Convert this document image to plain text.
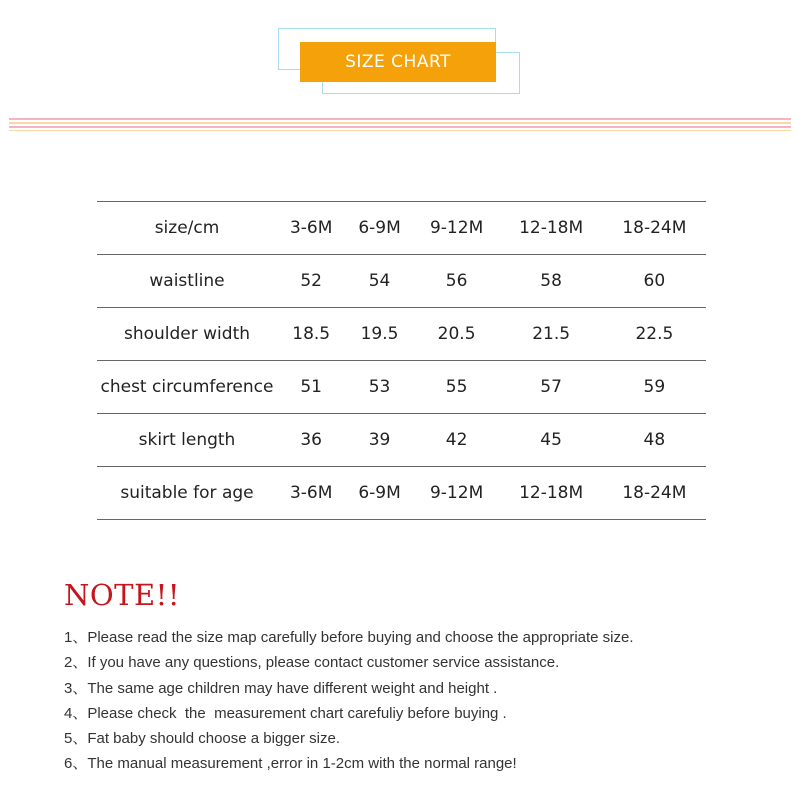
SIZE CHART
size/cm	3-6M	6-9M	9-12M	12-18M	18-24M
waistline	52	54	56	58	60
shoulder width	18.5	19.5	20.5	21.5	22.5
chest circumference	51	53	55	57	59
skirt length	36	39	42	45	48
suitable for age	3-6M	6-9M	9-12M	12-18M	18-24M
NOTE!!
1、Please read the size map carefully before buying and choose the appropriate size.
2、If you have any questions, please contact customer service assistance.
3、The same age children may have different weight and height .
4、Please check  the  measurement chart carefuliy before buying .
5、Fat baby should choose a bigger size.
6、The manual measurement ,error in 1-2cm with the normal range!
